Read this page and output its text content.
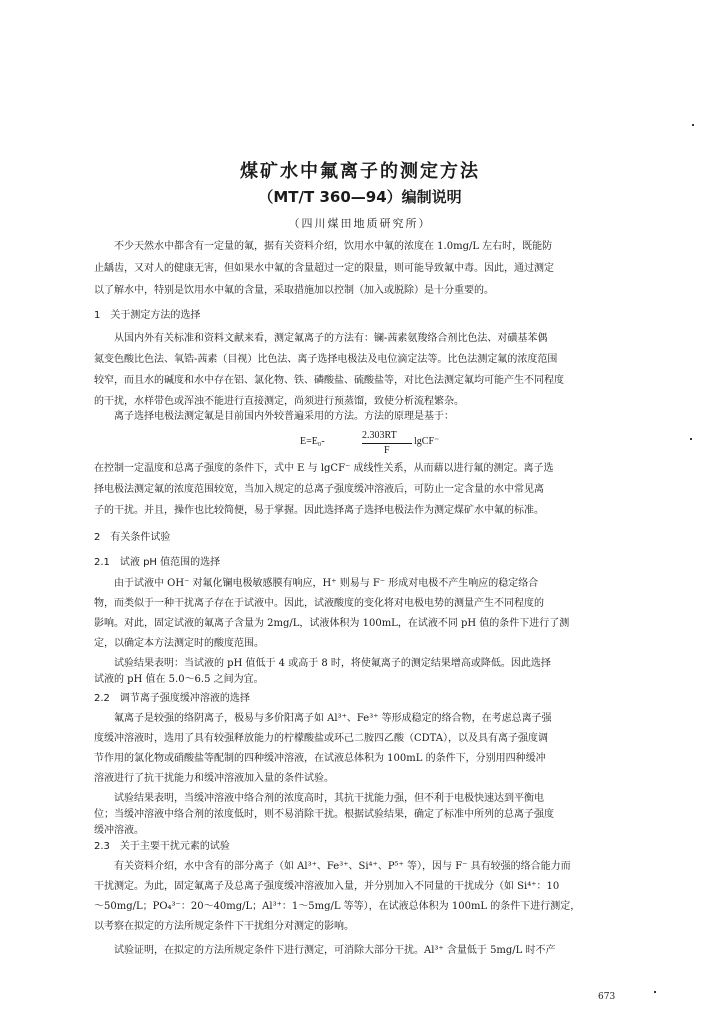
煤矿水中氟离子的测定方法
（MT/T 360—94）编制说明
（四川煤田地质研究所）
不少天然水中都含有一定量的氟，据有关资料介绍，饮用水中氟的浓度在 1.0mg/L 左右时，既能防
止龋齿，又对人的健康无害，但如果水中氟的含量超过一定的限量，则可能导致氟中毒。因此，通过测定
以了解水中，特别是饮用水中氟的含量，采取措施加以控制（加入或脱除）是十分重要的。
1　关于测定方法的选择
从国内外有关标准和资料文献来看，测定氟离子的方法有：镧-茜素氨羧络合剂比色法、对磺基苯偶
氮变色酸比色法、氧锆-茜素（目视）比色法、离子选择电极法及电位滴定法等。比色法测定氟的浓度范围
较窄，而且水的碱度和水中存在铝、氯化物、铁、磷酸盐、硫酸盐等，对比色法测定氟均可能产生不同程度
的干扰，水样带色或浑浊不能进行直接测定，尚须进行预蒸馏，致使分析流程繁杂。
离子选择电极法测定氟是目前国内外较普遍采用的方法。方法的原理是基于：
E=E₀-
2.303RT
F
lgCF⁻
在控制一定温度和总离子强度的条件下，式中 E 与 lgCF⁻ 成线性关系，从而藉以进行氟的测定。离子选
择电极法测定氟的浓度范围较宽，当加入规定的总离子强度缓冲溶液后，可防止一定含量的水中常见离
子的干扰。并且，操作也比较简便，易于掌握。因此选择离子选择电极法作为测定煤矿水中氟的标准。
2　有关条件试验
2.1　试液 pH 值范围的选择
由于试液中 OH⁻ 对氟化镧电极敏感膜有响应，H⁺ 则易与 F⁻ 形成对电极不产生响应的稳定络合
物，而类似于一种干扰离子存在于试液中。因此，试液酸度的变化将对电极电势的测量产生不同程度的
影响。对此，固定试液的氟离子含量为 2mg/L，试液体积为 100mL，在试液不同 pH 值的条件下进行了测
定，以确定本方法测定时的酸度范围。
试验结果表明：当试液的 pH 值低于 4 或高于 8 时，将使氟离子的测定结果增高或降低。因此选择
试液的 pH 值在 5.0～6.5 之间为宜。
2.2　调节离子强度缓冲溶液的选择
氟离子是较强的络阴离子，极易与多价阳离子如 Al³⁺、Fe³⁺ 等形成稳定的络合物，在考虑总离子强
度缓冲溶液时，选用了具有较强释放能力的柠檬酸盐或环己二胺四乙酸（CDTA），以及具有离子强度调
节作用的氯化物或硝酸盐等配制的四种缓冲溶液，在试液总体积为 100mL 的条件下，分别用四种缓冲
溶液进行了抗干扰能力和缓冲溶液加入量的条件试验。
试验结果表明，当缓冲溶液中络合剂的浓度高时，其抗干扰能力强，但不利于电极快速达到平衡电
位；当缓冲溶液中络合剂的浓度低时，则不易消除干扰。根据试验结果，确定了标准中所列的总离子强度
缓冲溶液。
2.3　关于主要干扰元素的试验
有关资料介绍，水中含有的部分离子（如 Al³⁺、Fe³⁺、Si⁴⁺、P⁵⁺ 等），因与 F⁻ 具有较强的络合能力而
干扰测定。为此，固定氟离子及总离子强度缓冲溶液加入量，并分别加入不同量的干扰成分（如 Si⁴⁺：10
～50mg/L；PO₄³⁻：20～40mg/L；Al³⁺：1～5mg/L 等等），在试液总体积为 100mL 的条件下进行测定，
以考察在拟定的方法所规定条件下干扰组分对测定的影响。
试验证明，在拟定的方法所规定条件下进行测定，可消除大部分干扰。Al³⁺ 含量低于 5mg/L 时不产
673
